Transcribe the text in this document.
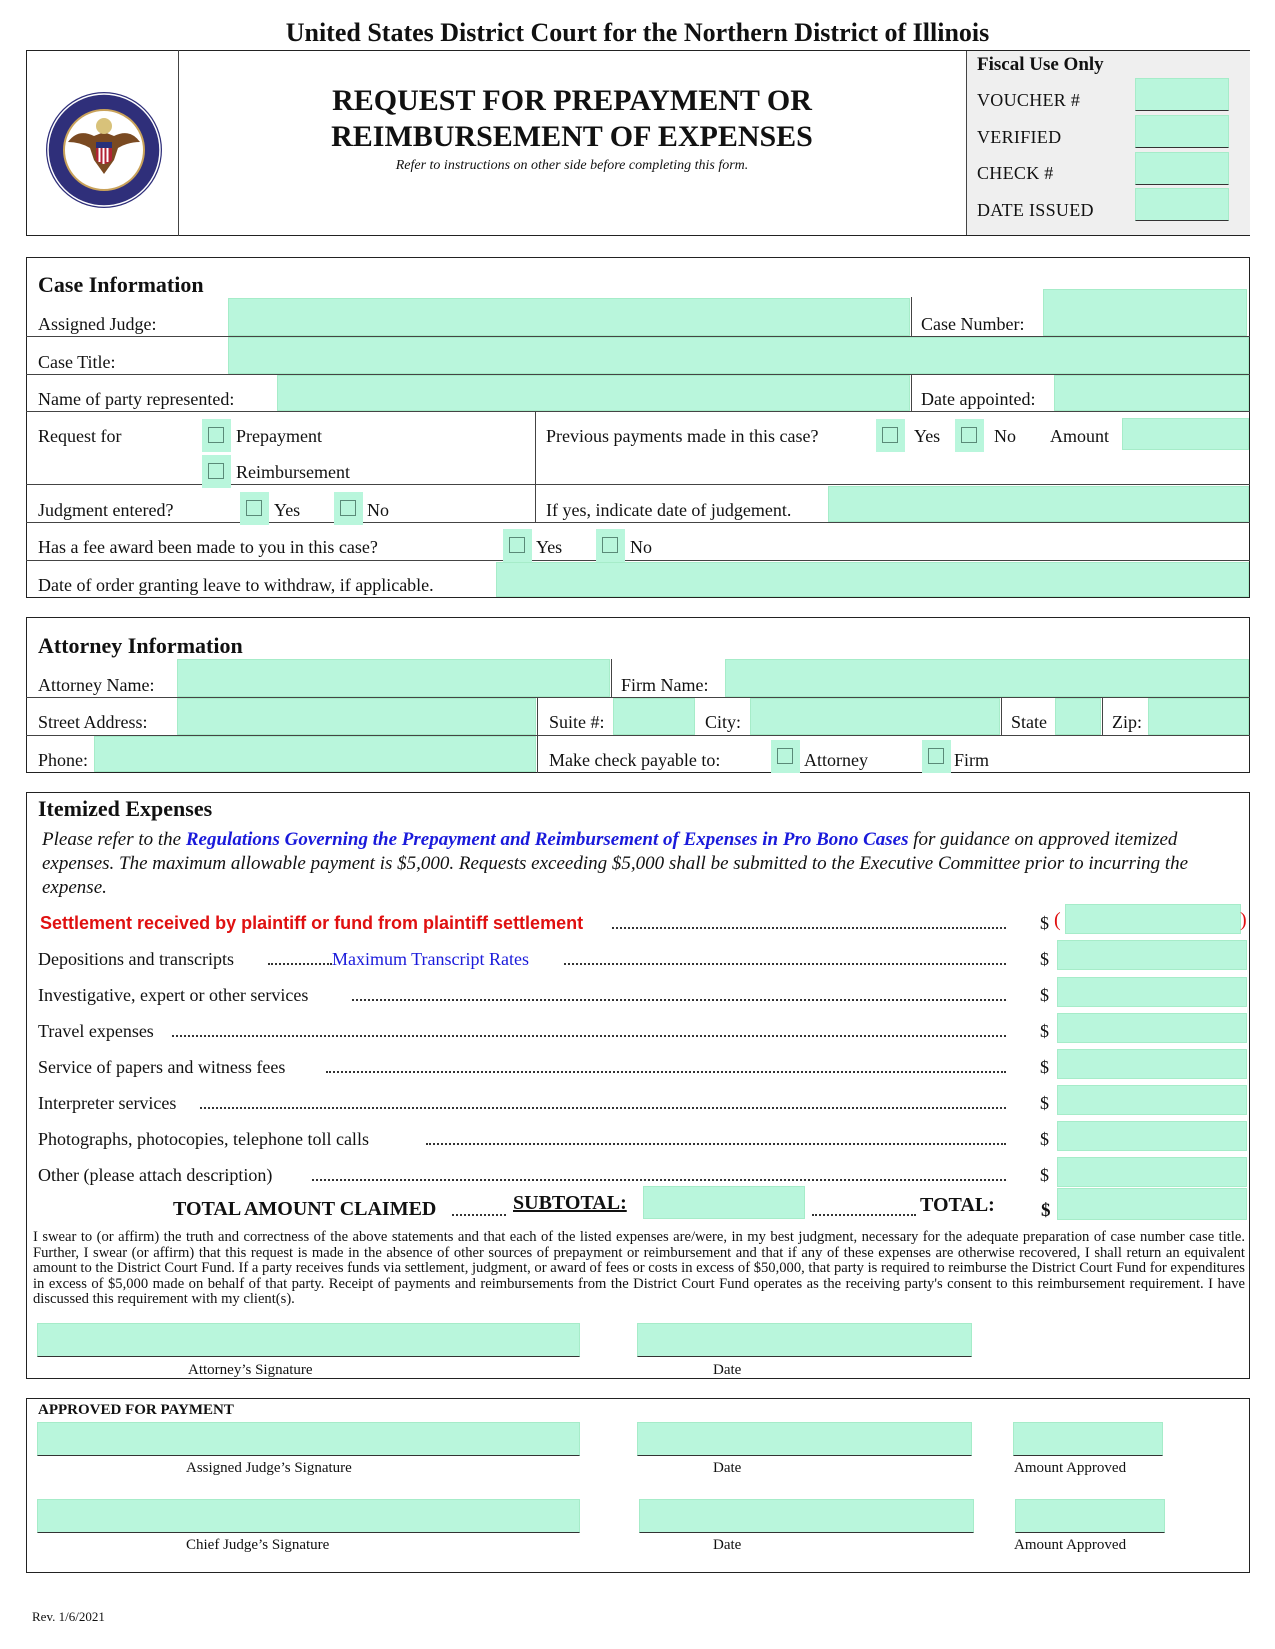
United States District Court for the Northern District of Illinois
REQUEST FOR PREPAYMENT OR
REIMBURSEMENT OF EXPENSES
Refer to instructions on other side before completing this form.
Fiscal Use Only
VOUCHER #
VERIFIED
CHECK #
DATE ISSUED
Case Information
Assigned Judge:	Case Number:
Case Title:
Name of party represented:	Date appointed:
Request for	Prepayment
Reimbursement
Previous payments made in this case?	Yes	No Amount
Judgment entered?	Yes	No	If yes, indicate date of judgement.
Has a fee award been made to you in this case?	Yes	No
Date of order granting leave to withdraw, if applicable.
Attorney Information
Attorney Name:	Firm Name:
Street Address:	Suite #:	City:	State	Zip:
Phone:	Make check payable to:	Attorney	Firm
Itemized Expenses
Please refer to the Regulations Governing the Prepayment and Reimbursement of Expenses in Pro Bono Cases for guidance on approved itemized expenses. The maximum allowable payment is $5,000. Requests exceeding $5,000 shall be submitted to the Executive Committee prior to incurring the expense.
Settlement received by plaintiff or fund from plaintiff settlement	$ (	)
Depositions and transcripts	Maximum Transcript Rates	$
Investigative, expert or other services	$
Travel expenses	$
Service of papers and witness fees	$
Interpreter services	$
Photographs, photocopies, telephone toll calls	$
Other (please attach description)	$
TOTAL AMOUNT CLAIMED	SUBTOTAL:	TOTAL: $
I swear to (or affirm) the truth and correctness of the above statements and that each of the listed expenses are/were, in my best judgment, necessary for the adequate preparation of case number case title. Further, I swear (or affirm) that this request is made in the absence of other sources of prepayment or reimbursement and that if any of these expenses are otherwise recovered, I shall return an equivalent amount to the District Court Fund. If a party receives funds via settlement, judgment, or award of fees or costs in excess of $50,000, that party is required to reimburse the District Court Fund for expenditures in excess of $5,000 made on behalf of that party. Receipt of payments and reimbursements from the District Court Fund operates as the receiving party's consent to this reimbursement requirement. I have discussed this requirement with my client(s).
Attorney’s Signature	Date
APPROVED FOR PAYMENT
Assigned Judge’s Signature	Date	Amount Approved
Chief Judge’s Signature	Date	Amount Approved
Rev. 1/6/2021
